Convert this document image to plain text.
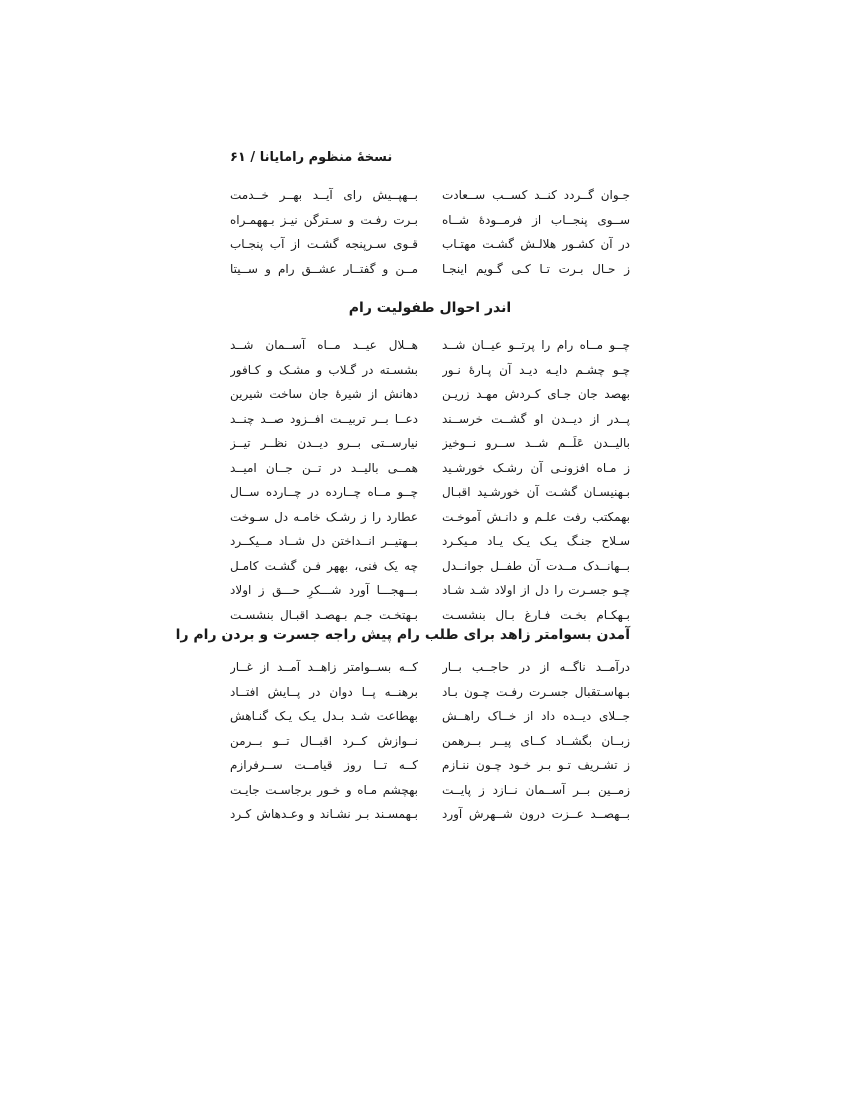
نسخهٔ منظوم رامایانا / ۶۱
جـوان گــردد کنــد کســب ســعادت
بــهپــیش رای آیــد بهــر خــدمت
ســوی پنجــاب از فرمــودهٔ شــاه
بـرت رفـت و سـترگن نیـز بـههمـراه
در آن کشـور هلالـش گشـت مهتـاب
قـوی سـرپنجه گشـت از آب پنجـاب
ز حـال بـرت تـا کـی گـویم اینجـا
مــن و گفتــار عشــق رام و ســیتا
اندر احوال طفولیت رام
چــو مــاه رام را پرتــو عیــان شــد
هــلال عیــد مــاه آســمان شــد
چـو چشـم دایـه دیـد آن پـارهٔ نـور
بشسـته در گـلاب و مشـک و کـافور
بهصد جان جـای کـردش مهـد زریـن
دهانش از شیرهٔ جان ساخت شیرین
پــدر از دیــدن او گشــت خرســند
دعــا بــر تربیــت افــزود صــد چنــد
بالیــدن عَلَــم شــد ســرو نــوخیز
نیارســتی بــرو دیــدن نظــر تیــز
ز مـاه افزونـی آن رشـک خورشـید
همــی بالیــد در تــن جــان امیــد
بـهنیسـان گشـت آن خورشـید اقبـال
چــو مــاه چــارده در چــارده ســال
بهمکتب رفت علـم و دانـش آموخـت
عطارد را ز رشـک خامـه دل سـوخت
سـلاح جنـگ یـک یـک یـاد مـیکـرد
بــهتیــر انــداختن دل شــاد مــیکــرد
بــهانــدک مــدت آن طفــل جوانــدل
چه یک فنی، بههر فـن گشـت کامـل
چـو جسـرت را دل از اولاد شـد شـاد
بـــهجـــا آورد شـــکرِ حـــق ز اولاد
بـهکـام بخـت فـارغ بـال بنشسـت
بـهتخـت جـم بـهصـد اقبـال بنشسـت
آمدن بسوامتر زاهد برای طلب رام پیش راجه جسرت و بردن رام را
درآمــد ناگــه از در حاجــب بــار
کــه بســوامتر زاهــد آمــد از غــار
بـهاسـتقبال جسـرت رفـت چـون بـاد
برهنــه پــا دوان در پــایش افتــاد
جــلای دیــده داد از خــاک راهــش
بهطاعت شـد بـدل یـک یـک گنـاهش
زبــان بگشــاد کــای پیــر بــرهمن
نــوازش کــرد اقبــال تــو بــرمن
ز تشـریف تـو بـر خـود چـون ننـازم
کــه تــا روز قیامــت ســرفرازم
زمــین بــر آســمان نــازد ز پایــت
بهچشم مـاه و خـور برجاسـت جایـت
بــهصــد عــزت درون شــهرش آورد
بـهمسـند بـر نشـاند و وعـدهاش کـرد
